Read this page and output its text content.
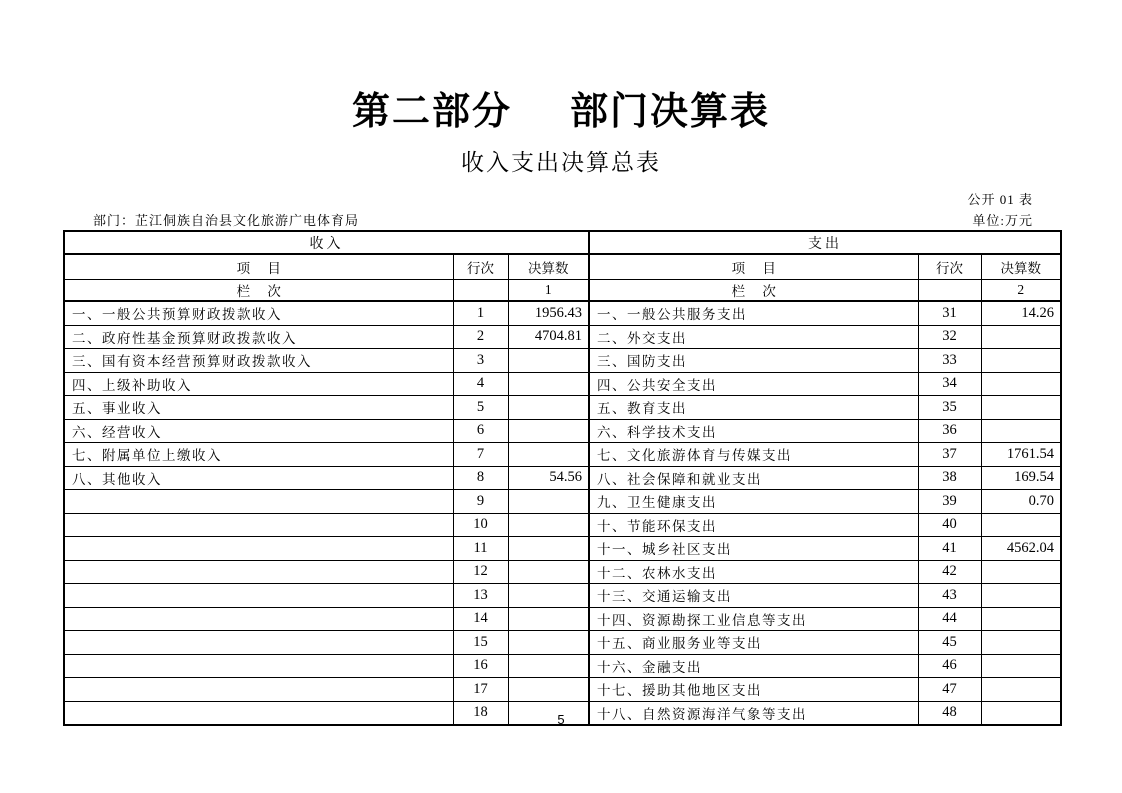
第二部分 部门决算表
收入支出决算总表
公开 01 表
部门：芷江侗族自治县文化旅游广电体育局	单位:万元
收入			支出		
项 目	行次	决算数	项 目	行次	决算数
栏 次		1	栏 次		2
一、一般公共预算财政拨款收入	1	1956.43	一、一般公共服务支出	31	14.26
二、政府性基金预算财政拨款收入	2	4704.81	二、外交支出	32	
三、国有资本经营预算财政拨款收入	3		三、国防支出	33	
四、上级补助收入	4		四、公共安全支出	34	
五、事业收入	5		五、教育支出	35	
六、经营收入	6		六、科学技术支出	36	
七、附属单位上缴收入	7		七、文化旅游体育与传媒支出	37	1761.54
八、其他收入	8	54.56	八、社会保障和就业支出	38	169.54
	9		九、卫生健康支出	39	0.70
	10		十、节能环保支出	40	
	11		十一、城乡社区支出	41	4562.04
	12		十二、农林水支出	42	
	13		十三、交通运输支出	43	
	14		十四、资源勘探工业信息等支出	44	
	15		十五、商业服务业等支出	45	
	16		十六、金融支出	46	
	17		十七、援助其他地区支出	47	
	18		十八、自然资源海洋气象等支出	48	
5
